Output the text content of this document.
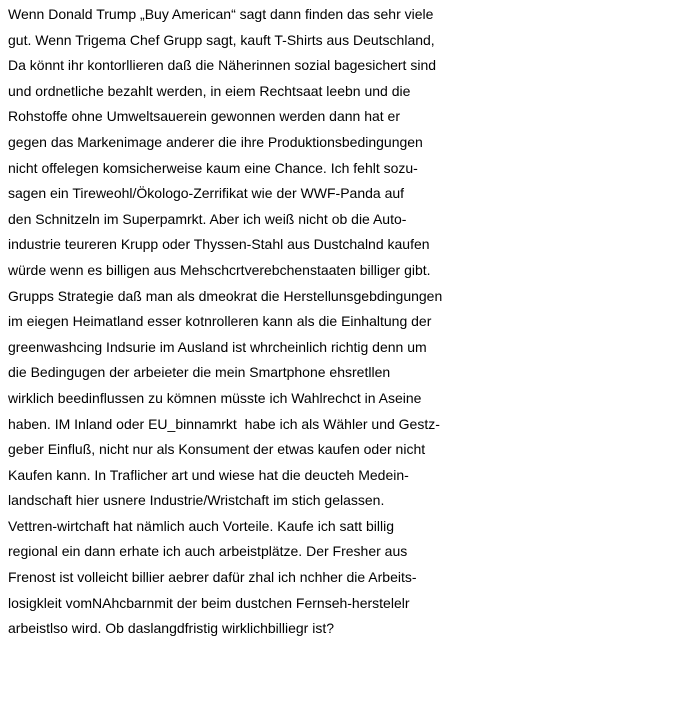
Wenn Donald Trump „Buy American“ sagt dann finden das sehr viele
gut. Wenn Trigema Chef Grupp sagt, kauft T-Shirts aus Deutschland,
Da könnt ihr kontorllieren daß die Näherinnen sozial bagesichert sind
und ordnetliche bezahlt werden, in eiem Rechtsaat leebn und die
Rohstoffe ohne Umweltsauerein gewonnen werden dann hat er
gegen das Markenimage anderer die ihre Produktionsbedingungen
nicht offelegen komsicherweise kaum eine Chance. Ich fehlt sozu-
sagen ein Tireweohl/Ökologo-Zerrifikat wie der WWF-Panda auf
den Schnitzeln im Superpamrkt. Aber ich weiß nicht ob die Auto-
industrie teureren Krupp oder Thyssen-Stahl aus Dustchalnd kaufen
würde wenn es billigen aus Mehschcrtverebchenstaaten billiger gibt.
Grupps Strategie daß man als dmeokrat die Herstellunsgebdingungen
im eiegen Heimatland esser kotnrolleren kann als die Einhaltung der
greenwashcing Indsurie im Ausland ist whrcheinlich richtig denn um
die Bedingugen der arbeieter die mein Smartphone ehsretllen
wirklich beedinflussen zu kömnen müsste ich Wahlrechct in Aseine
haben. IM Inland oder EU_binnamrkt  habe ich als Wähler und Gestz-
geber Einfluß, nicht nur als Konsument der etwas kaufen oder nicht
Kaufen kann. In Traflicher art und wiese hat die deucteh Medein-
landschaft hier usnere Industrie/Wristchaft im stich gelassen.
Vettren-wirtchaft hat nämlich auch Vorteile. Kaufe ich satt billig
regional ein dann erhate ich auch arbeistplätze. Der Fresher aus
Frenost ist volleicht billier aebrer dafür zhal ich nchher die Arbeits-
losigkleit vomNAhcbarnmit der beim dustchen Fernseh-herstelelr
arbeistlso wird. Ob daslangdfristig wirklichbilliegr ist?
